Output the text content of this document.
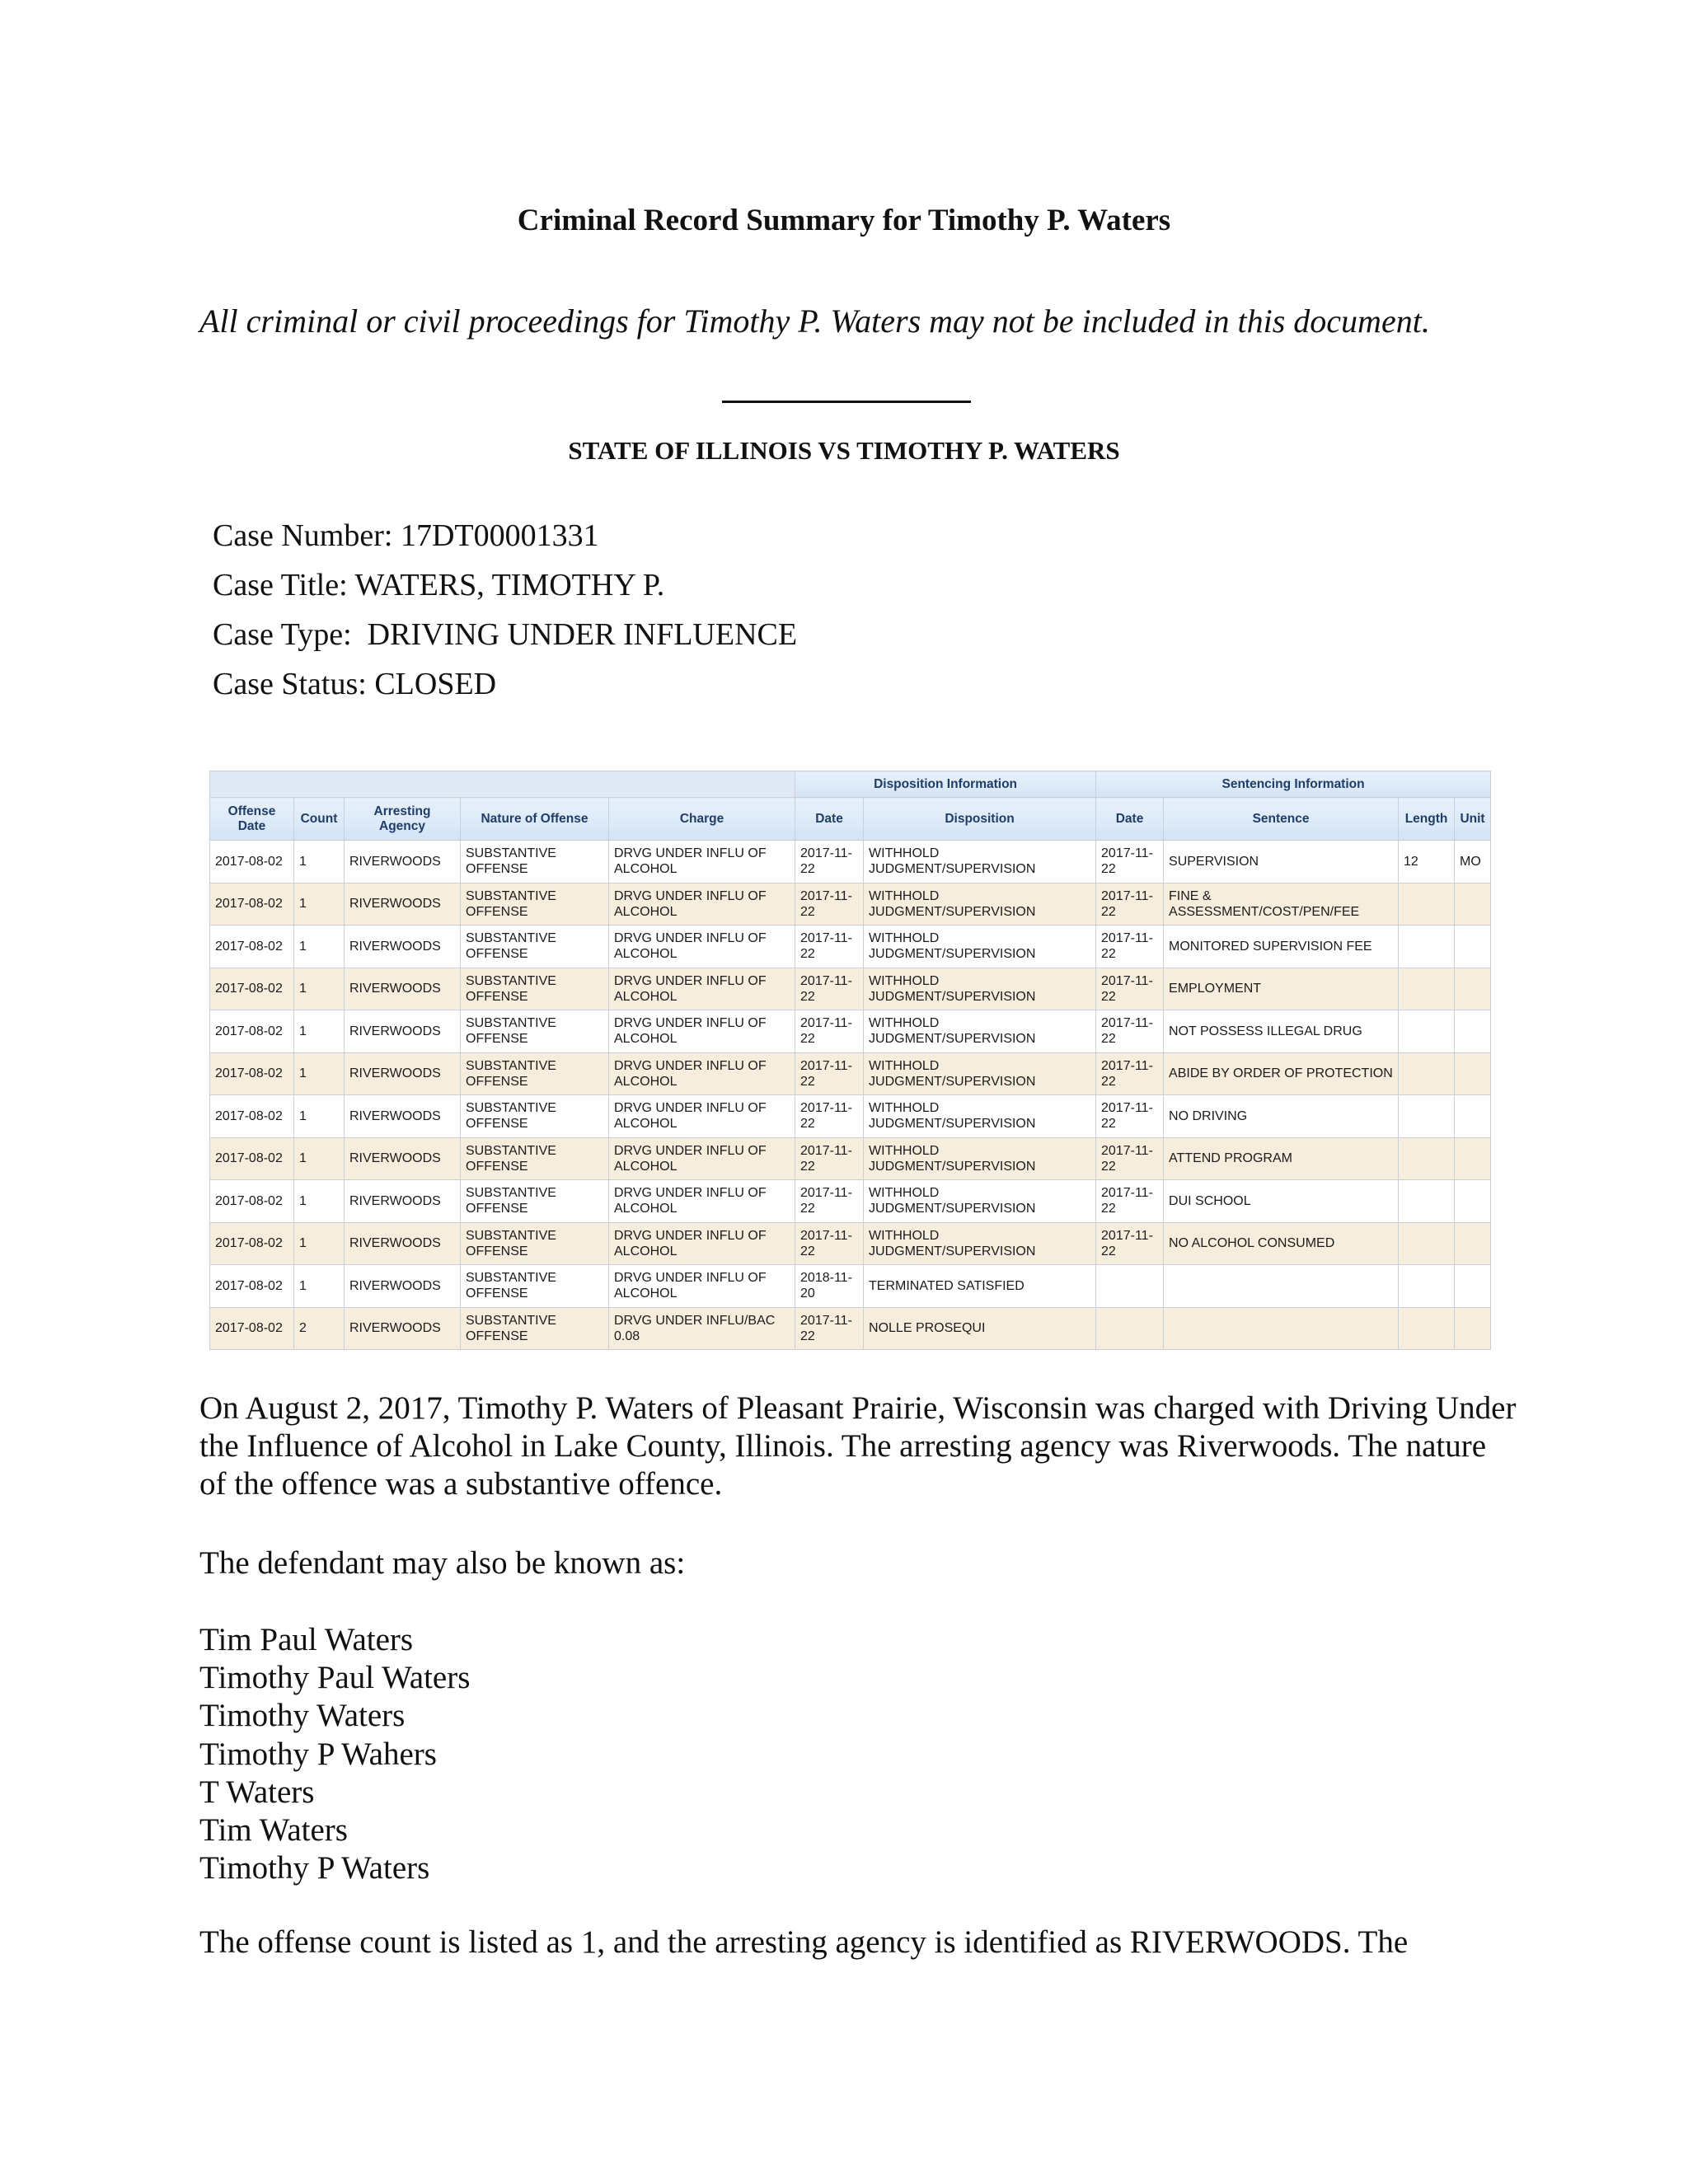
Criminal Record Summary for Timothy P. Waters
All criminal or civil proceedings for Timothy P. Waters may not be included in this document.
STATE OF ILLINOIS VS TIMOTHY P. WATERS
Case Number: 17DT00001331
Case Title: WATERS, TIMOTHY P.
Case Type:  DRIVING UNDER INFLUENCE
Case Status: CLOSED
					Disposition Information		Sentencing Information			
Offense Date	Count	Arresting Agency	Nature of Offense	Charge	Date	Disposition	Date	Sentence	Length	Unit
2017-08-02	1	RIVERWOODS	SUBSTANTIVE OFFENSE	DRVG UNDER INFLU OF ALCOHOL	2017-11-22	WITHHOLD JUDGMENT/SUPERVISION	2017-11-22	SUPERVISION	12	MO
2017-08-02	1	RIVERWOODS	SUBSTANTIVE OFFENSE	DRVG UNDER INFLU OF ALCOHOL	2017-11-22	WITHHOLD JUDGMENT/SUPERVISION	2017-11-22	FINE & ASSESSMENT/COST/PEN/FEE		
2017-08-02	1	RIVERWOODS	SUBSTANTIVE OFFENSE	DRVG UNDER INFLU OF ALCOHOL	2017-11-22	WITHHOLD JUDGMENT/SUPERVISION	2017-11-22	MONITORED SUPERVISION FEE		
2017-08-02	1	RIVERWOODS	SUBSTANTIVE OFFENSE	DRVG UNDER INFLU OF ALCOHOL	2017-11-22	WITHHOLD JUDGMENT/SUPERVISION	2017-11-22	EMPLOYMENT		
2017-08-02	1	RIVERWOODS	SUBSTANTIVE OFFENSE	DRVG UNDER INFLU OF ALCOHOL	2017-11-22	WITHHOLD JUDGMENT/SUPERVISION	2017-11-22	NOT POSSESS ILLEGAL DRUG		
2017-08-02	1	RIVERWOODS	SUBSTANTIVE OFFENSE	DRVG UNDER INFLU OF ALCOHOL	2017-11-22	WITHHOLD JUDGMENT/SUPERVISION	2017-11-22	ABIDE BY ORDER OF PROTECTION		
2017-08-02	1	RIVERWOODS	SUBSTANTIVE OFFENSE	DRVG UNDER INFLU OF ALCOHOL	2017-11-22	WITHHOLD JUDGMENT/SUPERVISION	2017-11-22	NO DRIVING		
2017-08-02	1	RIVERWOODS	SUBSTANTIVE OFFENSE	DRVG UNDER INFLU OF ALCOHOL	2017-11-22	WITHHOLD JUDGMENT/SUPERVISION	2017-11-22	ATTEND PROGRAM		
2017-08-02	1	RIVERWOODS	SUBSTANTIVE OFFENSE	DRVG UNDER INFLU OF ALCOHOL	2017-11-22	WITHHOLD JUDGMENT/SUPERVISION	2017-11-22	DUI SCHOOL		
2017-08-02	1	RIVERWOODS	SUBSTANTIVE OFFENSE	DRVG UNDER INFLU OF ALCOHOL	2017-11-22	WITHHOLD JUDGMENT/SUPERVISION	2017-11-22	NO ALCOHOL CONSUMED		
2017-08-02	1	RIVERWOODS	SUBSTANTIVE OFFENSE	DRVG UNDER INFLU OF ALCOHOL	2018-11-20	TERMINATED SATISFIED				
2017-08-02	2	RIVERWOODS	SUBSTANTIVE OFFENSE	DRVG UNDER INFLU/BAC 0.08	2017-11-22	NOLLE PROSEQUI				
On August 2, 2017, Timothy P. Waters of Pleasant Prairie, Wisconsin was charged with Driving Under the Influence of Alcohol in Lake County, Illinois. The arresting agency was Riverwoods. The nature of the offence was a substantive offence.
The defendant may also be known as:
Tim Paul Waters
Timothy Paul Waters
Timothy Waters
Timothy P Wahers
T Waters
Tim Waters
Timothy P Waters
The offense count is listed as 1, and the arresting agency is identified as RIVERWOODS. The
